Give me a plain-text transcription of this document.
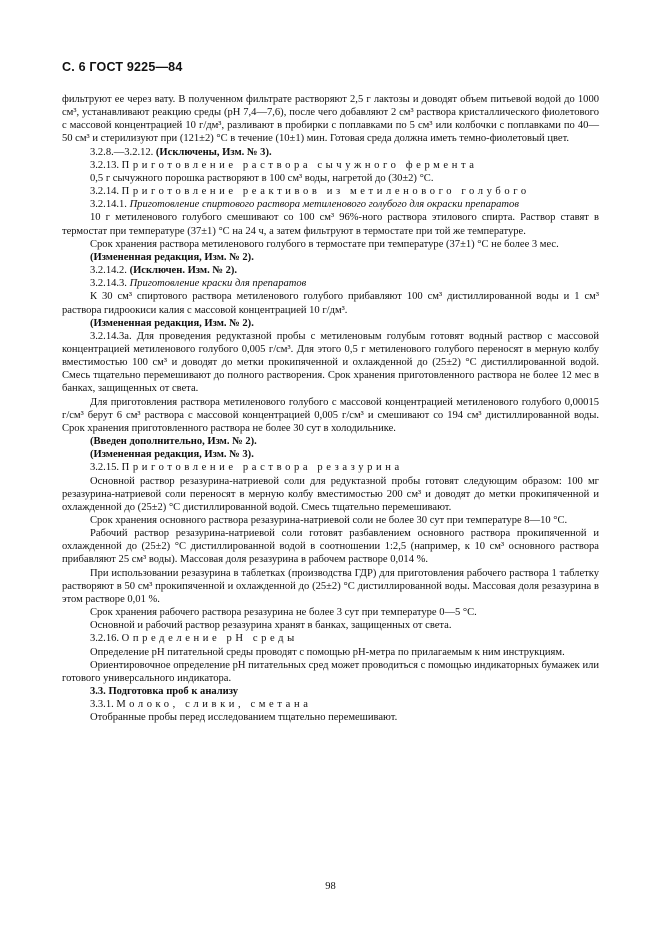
С. 6 ГОСТ 9225—84

фильтруют ее через вату. В полученном фильтрате растворяют 2,5 г лактозы и доводят объем питьевой водой до 1000 см³, устанавливают реакцию среды (pH 7,4—7,6), после чего добавляют 2 см³ раствора кристаллического фиолетового с массовой концентрацией 10 г/дм³, разливают в пробирки с поплавками по 5 см³ или колбочки с поплавками по 40—50 см³ и стерилизуют при (121±2) °С в течение (10±1) мин. Готовая среда должна иметь темно-фиолетовый цвет.

3.2.8.—3.2.12. (Исключены, Изм. № 3).

3.2.13. Приготовление раствора сычужного фермента

0,5 г сычужного порошка растворяют в 100 см³ воды, нагретой до (30±2) °С.

3.2.14. Приготовление реактивов из метиленового голубого

3.2.14.1. Приготовление спиртового раствора метиленового голубого для окраски препаратов

10 г метиленового голубого смешивают со 100 см³ 96%-ного раствора этилового спирта. Раствор ставят в термостат при температуре (37±1) °С на 24 ч, а затем фильтруют в термостате при той же температуре.

Срок хранения раствора метиленового голубого в термостате при температуре (37±1) °С не более 3 мес.

(Измененная редакция, Изм. № 2).

3.2.14.2. (Исключен. Изм. № 2).

3.2.14.3. Приготовление краски для препаратов

К 30 см³ спиртового раствора метиленового голубого прибавляют 100 см³ дистиллированной воды и 1 см³ раствора гидроокиси калия с массовой концентрацией 10 г/дм³.

(Измененная редакция, Изм. № 2).

3.2.14.3а. Для проведения редуктазной пробы с метиленовым голубым готовят водный раствор с массовой концентрацией метиленового голубого 0,005 г/см³. Для этого 0,5 г метиленового голубого переносят в мерную колбу вместимостью 100 см³ и доводят до метки прокипяченной и охлажденной до (25±2) °С дистиллированной водой. Смесь тщательно перемешивают до полного растворения. Срок хранения приготовленного раствора не более 12 мес в банках, защищенных от света.

Для приготовления раствора метиленового голубого с массовой концентрацией метиленового голубого 0,00015 г/см³ берут 6 см³ раствора с массовой концентрацией 0,005 г/см³ и смешивают со 194 см³ дистиллированной воды. Срок хранения приготовленного раствора не более 30 сут в холодильнике.

(Введен дополнительно, Изм. № 2).

(Измененная редакция, Изм. № 3).

3.2.15. Приготовление раствора резазурина

Основной раствор резазурина-натриевой соли для редуктазной пробы готовят следующим образом: 100 мг резазурина-натриевой соли переносят в мерную колбу вместимостью 200 см³ и доводят до метки прокипяченной и охлажденной до (25±2) °С дистиллированной водой. Смесь тщательно перемешивают.

Срок хранения основного раствора резазурина-натриевой соли не более 30 сут при температуре 8—10 °С.

Рабочий раствор резазурина-натриевой соли готовят разбавлением основного раствора прокипяченной и охлажденной до (25±2) °С дистиллированной водой в соотношении 1:2,5 (например, к 10 см³ основного раствора прибавляют 25 см³ воды). Массовая доля резазурина в рабочем растворе 0,014 %.

При использовании резазурина в таблетках (производства ГДР) для приготовления рабочего раствора 1 таблетку растворяют в 50 см³ прокипяченной и охлажденной до (25±2) °С дистиллированной воды. Массовая доля резазурина в этом растворе 0,01 %.

Срок хранения рабочего раствора резазурина не более 3 сут при температуре 0—5 °С.

Основной и рабочий раствор резазурина хранят в банках, защищенных от света.

3.2.16. Определение pH среды

Определение pH питательной среды проводят с помощью pH-метра по прилагаемым к ним инструкциям.

Ориентировочное определение pH питательных сред может проводиться с помощью индикаторных бумажек или готового универсального индикатора.

3.3. Подготовка проб к анализу

3.3.1. Молоко, сливки, сметана

Отобранные пробы перед исследованием тщательно перемешивают.

98
